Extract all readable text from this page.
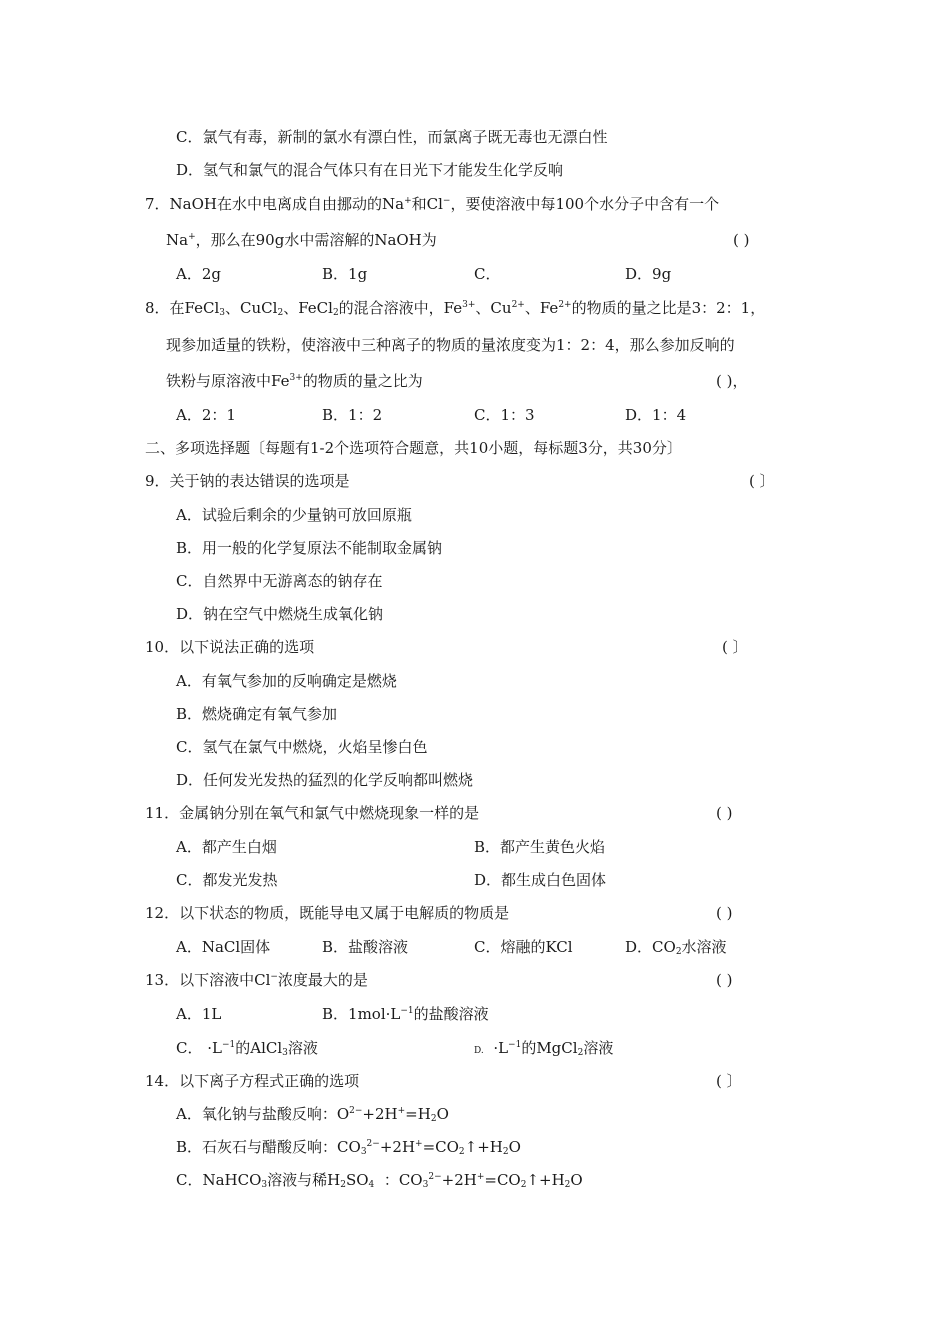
C．氯气有毒，新制的氯水有漂白性，而氯离子既无毒也无漂白性
D．氢气和氯气的混合气体只有在日光下才能发生化学反响
7．NaOH在水中电离成自由挪动的Na+和Cl−，要使溶液中每100个水分子中含有一个
Na+，那么在90g水中需溶解的NaOH为	( )
A．2g	B．1g	C．	D．9g
8．在FeCl$_3$、CuCl$_2$、FeCl$_2$的混合溶液中，$Fe^{3+}$、$Cu^{2+}$、$Fe^{2+}$的物质的量之比是3：2：1，
现参加适量的铁粉，使溶液中三种离子的物质的量浓度变为1：2：4，那么参加反响的
铁粉与原溶液中$Fe^{3+}$的物质的量之比为	( )，
A．2：1	B．1：2	C．1：3	D．1：4
二、多项选择题〔每题有1-2个选项符合题意，共10小题，每标题3分，共30分〕
9．关于钠的表达错误的选项是	( 〕
A．试验后剩余的少量钠可放回原瓶
B．用一般的化学复原法不能制取金属钠
C．自然界中无游离态的钠存在
D．钠在空气中燃烧生成氧化钠
10．以下说法正确的选项	( 〕
A．有氧气参加的反响确定是燃烧
B．燃烧确定有氧气参加
C．氢气在氯气中燃烧，火焰呈惨白色
D．任何发光发热的猛烈的化学反响都叫燃烧
11．金属钠分别在氧气和氯气中燃烧现象一样的是	( )
A．都产生白烟	B．都产生黄色火焰
C．都发光发热	D．都生成白色固体
12．以下状态的物质，既能导电又属于电解质的物质是	( )
A．NaCl固体	B．盐酸溶液	C．熔融的KCl	D．$CO_2$水溶液
13．以下溶液中Cl−浓度最大的是	( )
A．1L	B．$1mol\cdot L^{-1}$的盐酸溶液
C． $\cdot L^{-1}$的AlCl$_3$溶液	D. $\cdot L^{-1}$的MgCl$_2$溶液
14．以下离子方程式正确的选项	( 〕
A．氧化钠与盐酸反响：$O^{2-}+2H^+=H_2O$
B．石灰石与醋酸反响：$CO_3^{2-}+2H^+=CO_2↑+H_2O$
C．NaHCO$_3$溶液与稀$H_2SO_4$ ：$CO_3^{2-}+2H^+=CO_2↑+H_2O$
